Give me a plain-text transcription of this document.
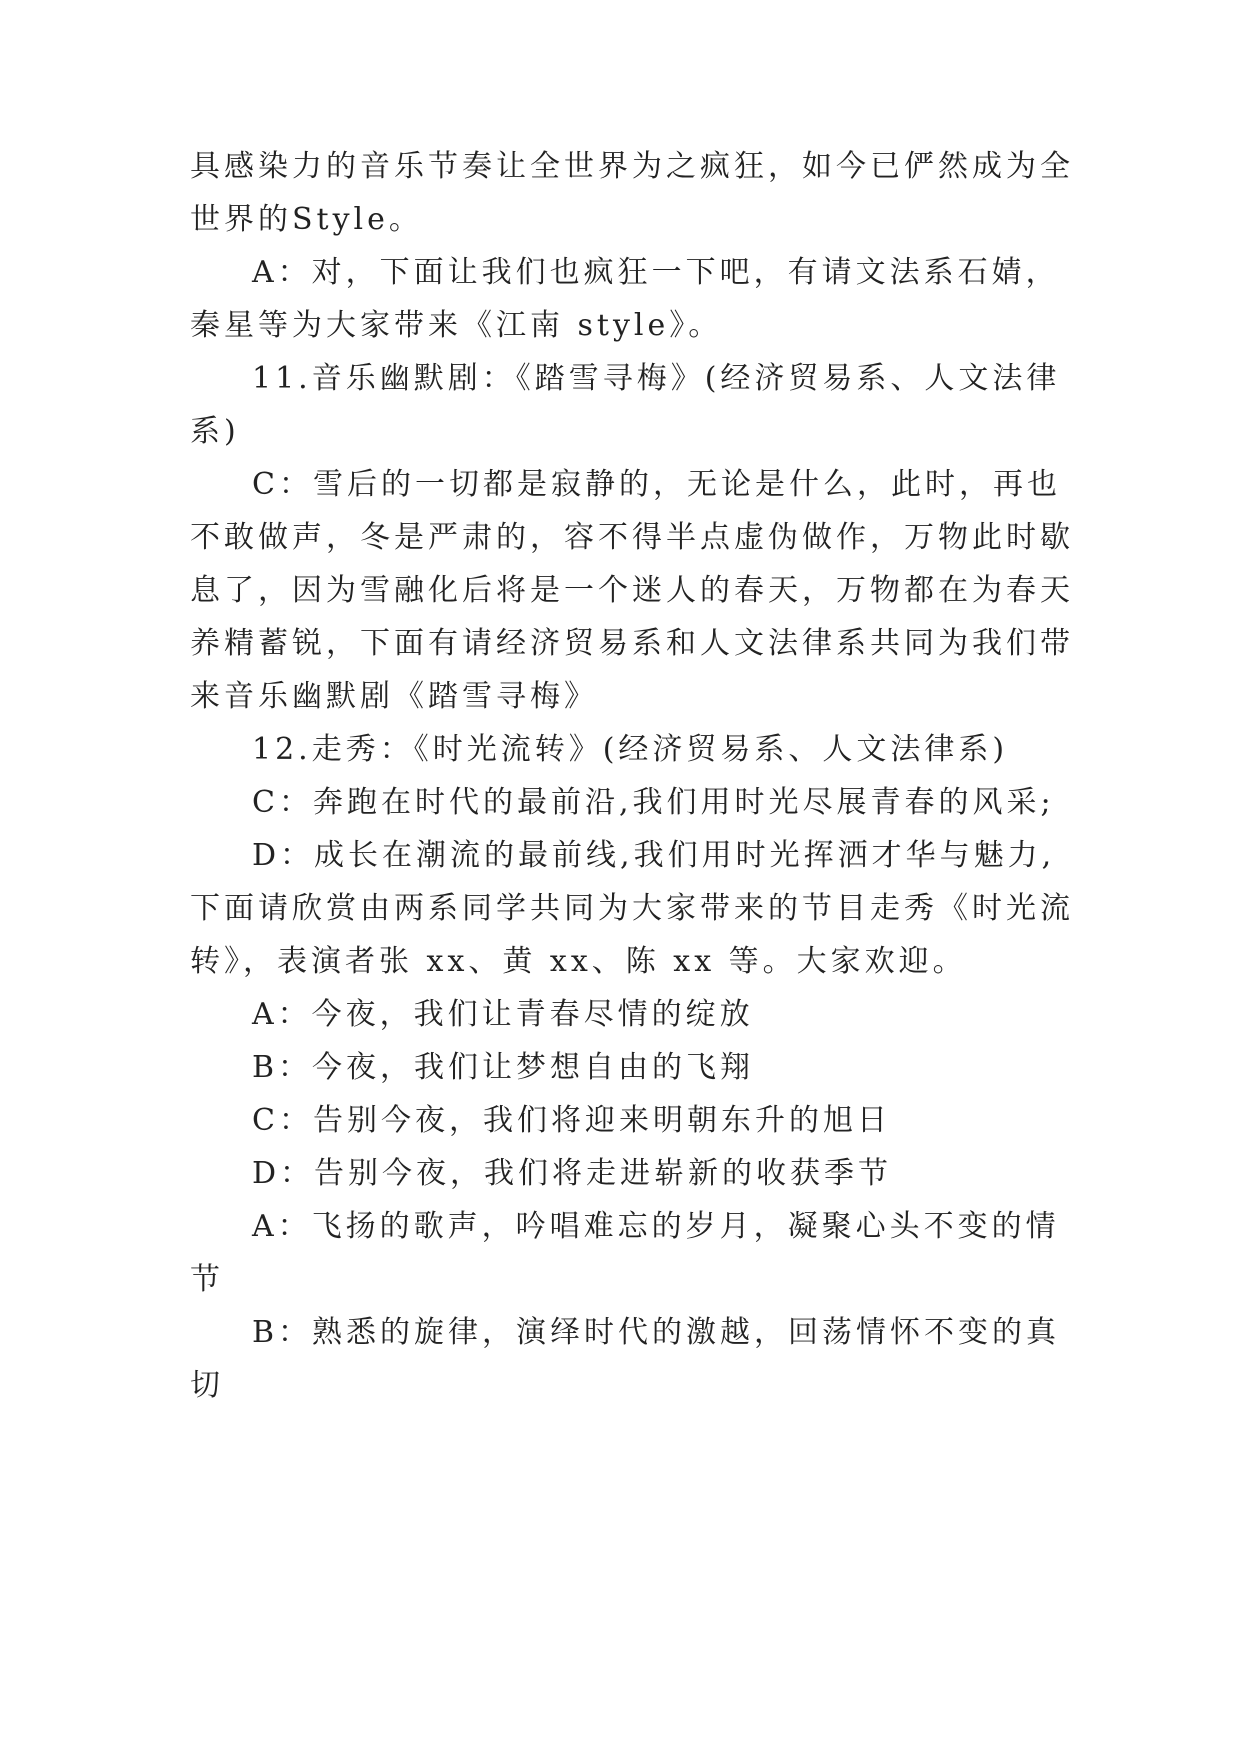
具感染力的音乐节奏让全世界为之疯狂，如今已俨然成为全
世界的Style。
A：对，下面让我们也疯狂一下吧，有请文法系石婧，
秦星等为大家带来《江南 style》。
11.音乐幽默剧：《踏雪寻梅》(经济贸易系、人文法律
系)
C：雪后的一切都是寂静的，无论是什么，此时，再也
不敢做声，冬是严肃的，容不得半点虚伪做作，万物此时歇
息了，因为雪融化后将是一个迷人的春天，万物都在为春天
养精蓄锐，下面有请经济贸易系和人文法律系共同为我们带
来音乐幽默剧《踏雪寻梅》
12.走秀：《时光流转》(经济贸易系、人文法律系)
C：奔跑在时代的最前沿,我们用时光尽展青春的风采;
D：成长在潮流的最前线,我们用时光挥洒才华与魅力,
下面请欣赏由两系同学共同为大家带来的节目走秀《时光流
转》，表演者张 xx、黄 xx、陈 xx 等。大家欢迎。
A：今夜，我们让青春尽情的绽放
B：今夜，我们让梦想自由的飞翔
C：告别今夜，我们将迎来明朝东升的旭日
D：告别今夜，我们将走进崭新的收获季节
A：飞扬的歌声，吟唱难忘的岁月，凝聚心头不变的情
节
B：熟悉的旋律，演绎时代的激越，回荡情怀不变的真
切
